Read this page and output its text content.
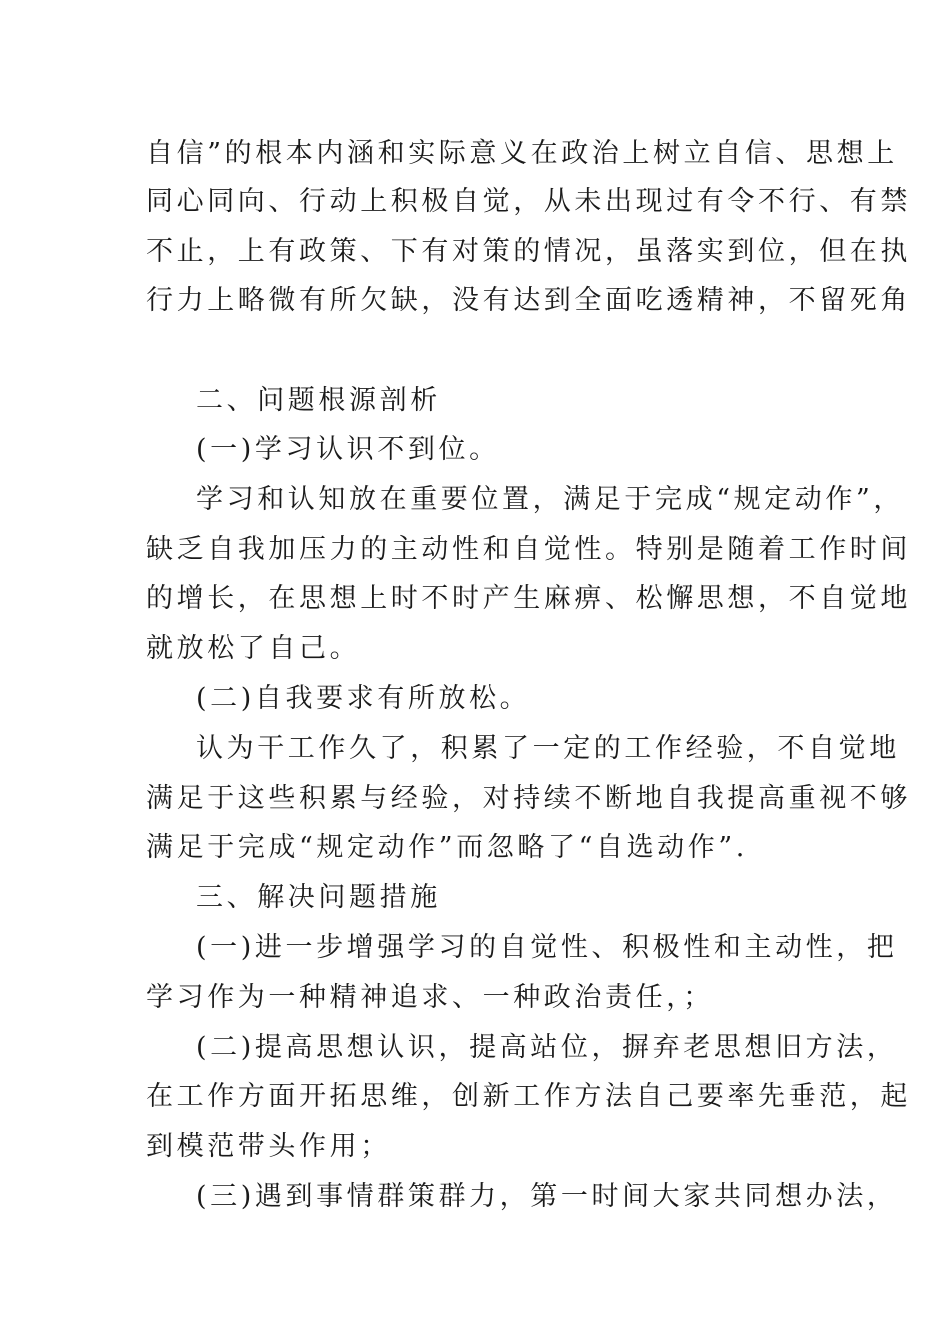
自信”的根本内涵和实际意义在政治上树立自信、思想上
同心同向、行动上积极自觉，从未出现过有令不行、有禁
不止，上有政策、下有对策的情况，虽落实到位，但在执
行力上略微有所欠缺，没有达到全面吃透精神，不留死角
二、问题根源剖析
(一)学习认识不到位。
学习和认知放在重要位置，满足于完成“规定动作”，
缺乏自我加压力的主动性和自觉性。特别是随着工作时间
的增长，在思想上时不时产生麻痹、松懈思想，不自觉地
就放松了自己。
(二)自我要求有所放松。
认为干工作久了，积累了一定的工作经验，不自觉地
满足于这些积累与经验，对持续不断地自我提高重视不够
满足于完成“规定动作”而忽略了“自选动作”.
三、解决问题措施
(一)进一步增强学习的自觉性、积极性和主动性，把
学习作为一种精神追求、一种政治责任，；
(二)提高思想认识，提高站位，摒弃老思想旧方法，
在工作方面开拓思维，创新工作方法自己要率先垂范，起
到模范带头作用；
(三)遇到事情群策群力，第一时间大家共同想办法，
